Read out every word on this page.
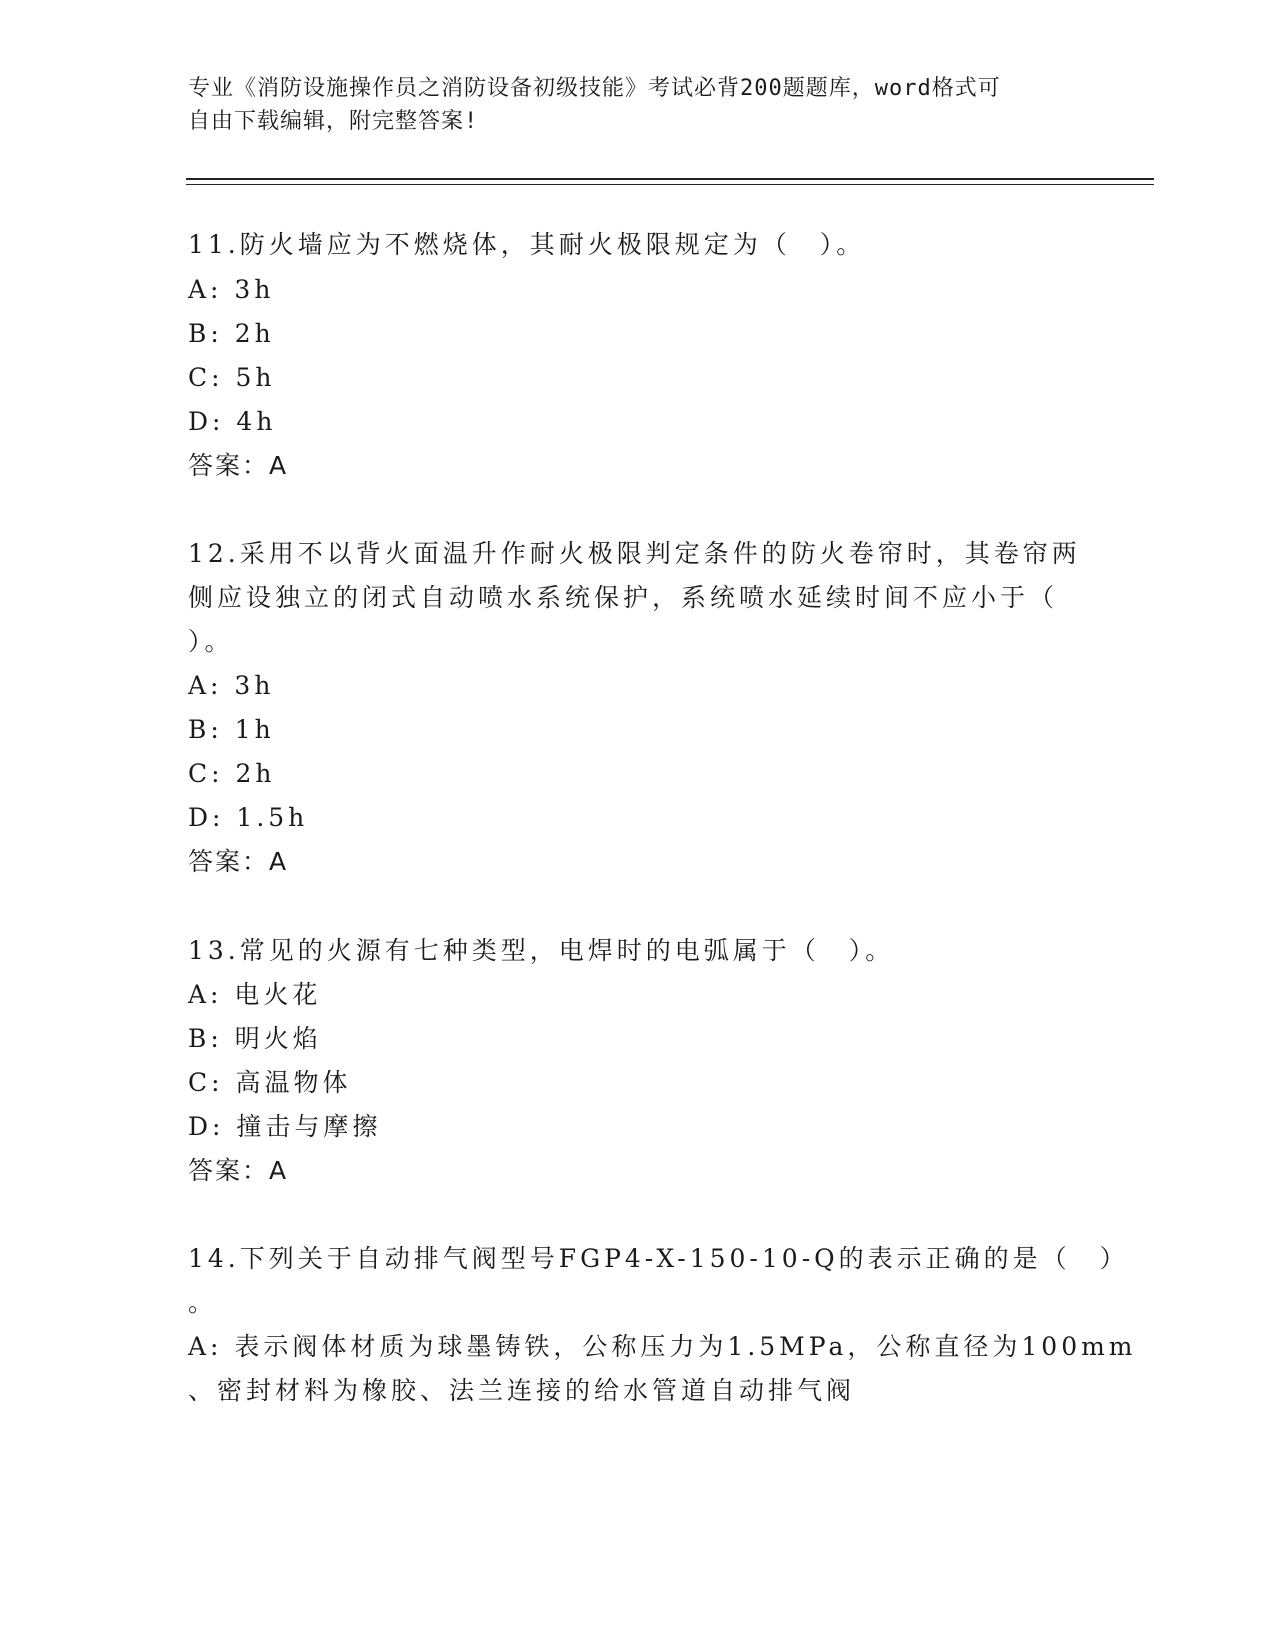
专业《消防设施操作员之消防设备初级技能》考试必背200题题库，word格式可
自由下载编辑，附完整答案!
11.防火墙应为不燃烧体，其耐火极限规定为（　）。
A: 3h
B: 2h
C: 5h
D: 4h
答案：A
12.采用不以背火面温升作耐火极限判定条件的防火卷帘时，其卷帘两
侧应设独立的闭式自动喷水系统保护，系统喷水延续时间不应小于（
）。
A: 3h
B: 1h
C: 2h
D: 1.5h
答案：A
13.常见的火源有七种类型，电焊时的电弧属于（　）。
A: 电火花
B: 明火焰
C: 高温物体
D: 撞击与摩擦
答案：A
14.下列关于自动排气阀型号FGP4-X-150-10-Q的表示正确的是（　）
。
A: 表示阀体材质为球墨铸铁，公称压力为1.5MPa，公称直径为100mm
、密封材料为橡胶、法兰连接的给水管道自动排气阀
